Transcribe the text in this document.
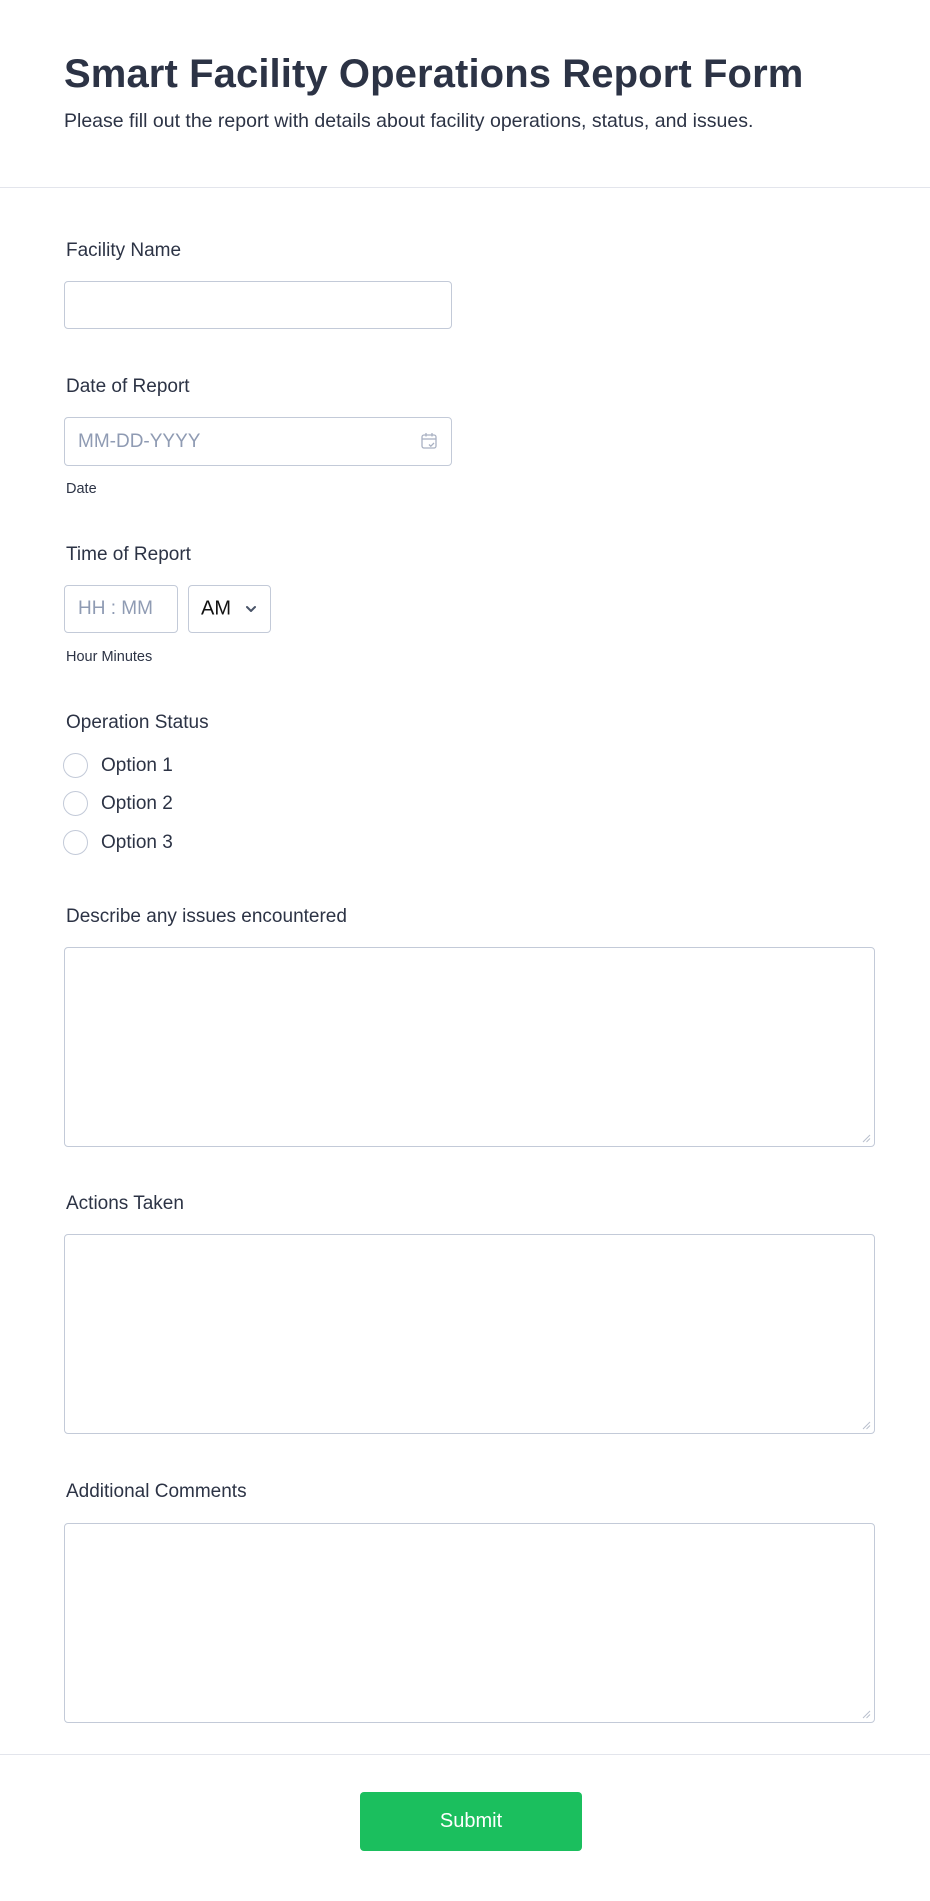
Smart Facility Operations Report Form

Please fill out the report with details about facility operations, status, and issues.

Facility Name
Date of Report
MM-DD-YYYY
Date
Time of Report
HH : MM AM
Hour Minutes
Operation Status
Option 1
Option 2
Option 3
Describe any issues encountered
Actions Taken
Additional Comments
Submit
